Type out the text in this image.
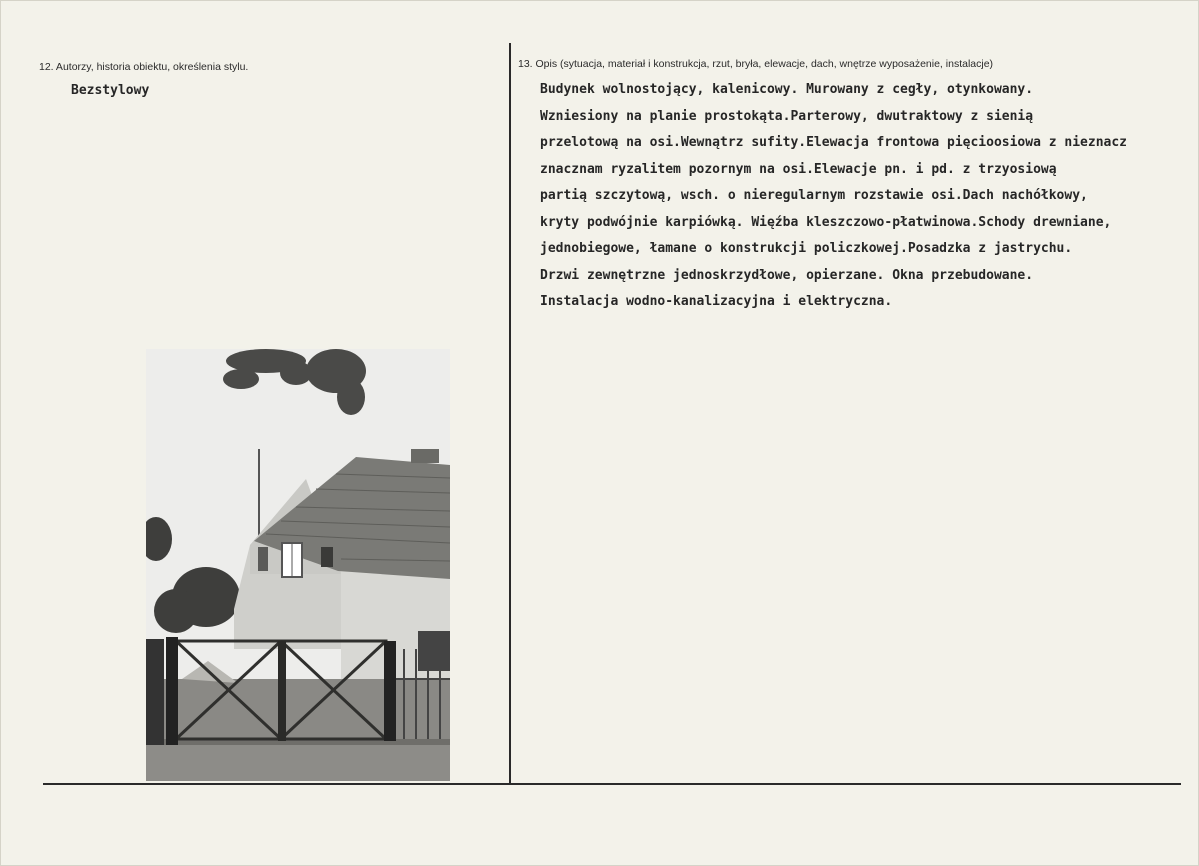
12. Autorzy, historia obiektu, określenia stylu.
Bezstylowy
13. Opis (sytuacja, materiał i konstrukcja, rzut, bryła, elewacje, dach, wnętrze wyposażenie, instalacje)
Budynek wolnostojący, kalenicowy. Murowany z cegły, otynkowany.
Wzniesiony na planie prostokąta.Parterowy, dwutraktowy z sienią
przelotową na osi.Wewnątrz sufity.Elewacja frontowa pięcioosiowa z nieznacz
znacznam ryzalitem pozornym na osi.Elewacje pn. i pd. z trzyosiową
partią szczytową, wsch. o nieregularnym rozstawie osi.Dach nachółkowy,
kryty podwójnie karpiówką. Więźba kleszczowo-płatwinowa.Schody drewniane,
jednobiegowe, łamane o konstrukcji policzkowej.Posadzka z jastrychu.
Drzwi zewnętrzne jednoskrzydłowe, opierzane. Okna przebudowane.
Instalacja wodno-kanalizacyjna i elektryczna.
